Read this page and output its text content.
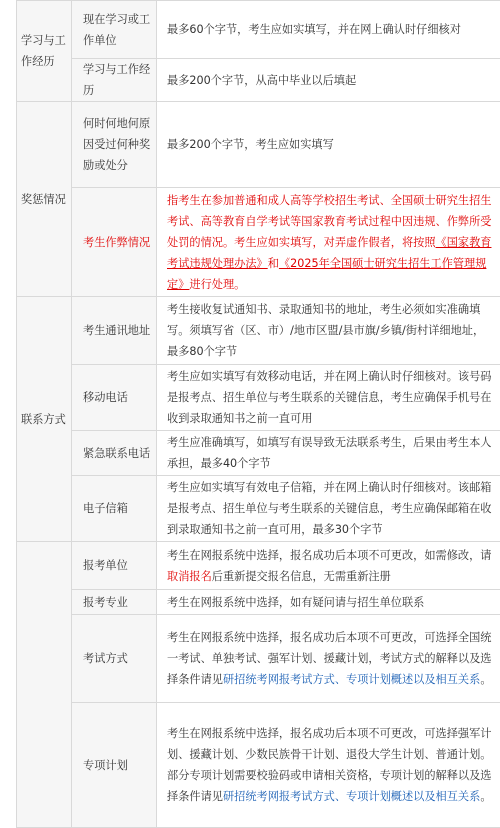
学习与工作经历	现在学习或工作单位	最多60个字节，考生应如实填写，并在网上确认时仔细核对
	学习与工作经历	最多200个字节，从高中毕业以后填起
奖惩情况	何时何地何原因受过何种奖励或处分	最多200个字节，考生应如实填写
	考生作弊情况	指考生在参加普通和成人高等学校招生考试、全国硕士研究生招生考试、高等教育自学考试等国家教育考试过程中因违规、作弊所受处罚的情况。考生应如实填写，对弄虚作假者，将按照《国家教育考试违规处理办法》和《2025年全国硕士研究生招生工作管理规定》进行处理。
联系方式	考生通讯地址	考生接收复试通知书、录取通知书的地址，考生必须如实准确填写。须填写省（区、市）/地市区盟/县市旗/乡镇/街村详细地址，最多80个字节
	移动电话	考生应如实填写有效移动电话，并在网上确认时仔细核对。该号码是报考点、招生单位与考生联系的关键信息，考生应确保手机号在收到录取通知书之前一直可用
	紧急联系电话	考生应准确填写，如填写有误导致无法联系考生，后果由考生本人承担，最多40个字节
	电子信箱	考生应如实填写有效电子信箱，并在网上确认时仔细核对。该邮箱是报考点、招生单位与考生联系的关键信息，考生应确保邮箱在收到录取通知书之前一直可用，最多30个字节
	报考单位	考生在网报系统中选择，报名成功后本项不可更改，如需修改，请取消报名后重新提交报名信息，无需重新注册
	报考专业	考生在网报系统中选择，如有疑问请与招生单位联系
	考试方式	考生在网报系统中选择，报名成功后本项不可更改，可选择全国统一考试、单独考试、强军计划、援藏计划，考试方式的解释以及选择条件请见研招统考网报考试方式、专项计划概述以及相互关系。
	专项计划	考生在网报系统中选择，报名成功后本项不可更改，可选择强军计划、援藏计划、少数民族骨干计划、退役大学生计划、普通计划。部分专项计划需要校验码或申请相关资格，专项计划的解释以及选择条件请见研招统考网报考试方式、专项计划概述以及相互关系。
